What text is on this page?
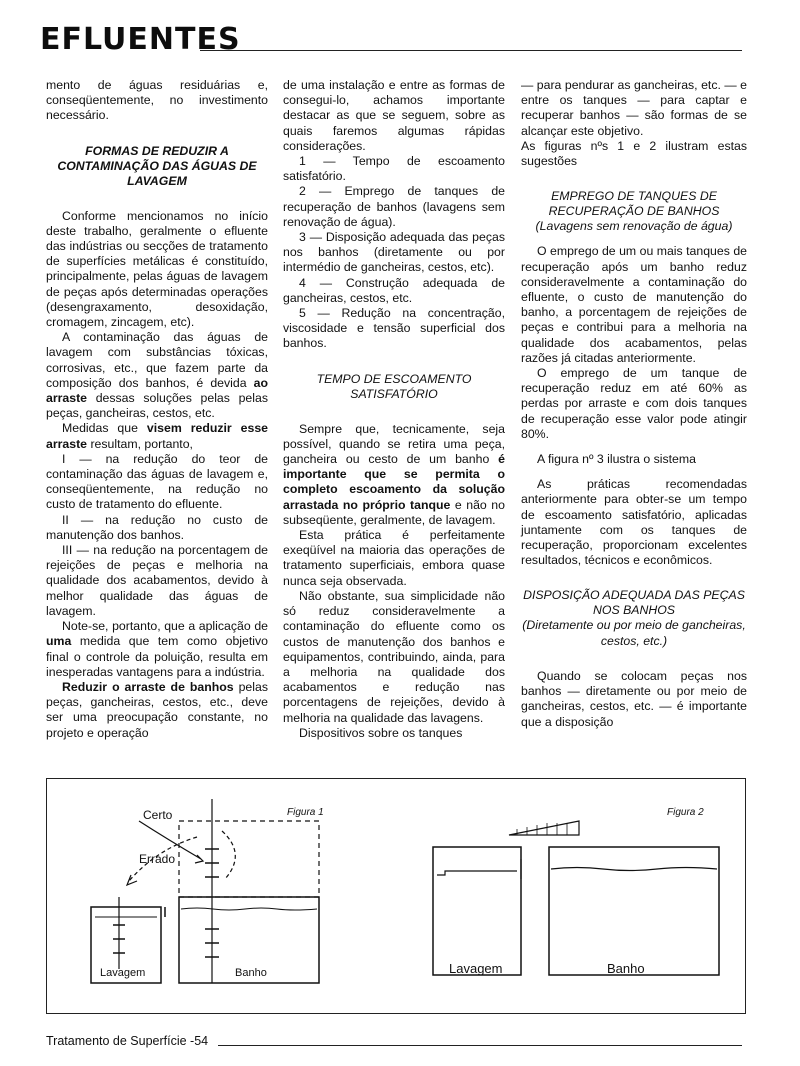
EFLUENTES

mento de águas residuárias e, conseqüentemente, no investimento necessário.

FORMAS DE REDUZIR A CONTAMINAÇÃO DAS ÁGUAS DE LAVAGEM

Conforme mencionamos no início deste trabalho, geralmente o efluente das indústrias ou secções de tratamento de superfícies metálicas é constituído, principalmente, pelas águas de lavagem de peças após determinadas operações (desengraxamento, desoxidação, cromagem, zincagem, etc).

A contaminação das águas de lavagem com substâncias tóxicas, corrosivas, etc., que fazem parte da composição dos banhos, é devida ao arraste dessas soluções pelas pelas peças, gancheiras, cestos, etc.

Medidas que visem reduzir esse arraste resultam, portanto,

I — na redução do teor de contaminação das águas de lavagem e, conseqüentemente, na redução no custo de tratamento do efluente.

II — na redução no custo de manutenção dos banhos.

III — na redução na porcentagem de rejeições de peças e melhoria na qualidade dos acabamentos, devido à melhor qualidade das águas de lavagem.

Note-se, portanto, que a aplicação de uma medida que tem como objetivo final o controle da poluição, resulta em inesperadas vantagens para a indústria.

Reduzir o arraste de banhos pelas peças, gancheiras, cestos, etc., deve ser uma preocupação constante, no projeto e operação

de uma instalação e entre as formas de consegui-lo, achamos importante destacar as que se seguem, sobre as quais faremos algumas rápidas considerações.

1 — Tempo de escoamento satisfatório.

2 — Emprego de tanques de recuperação de banhos (lavagens sem renovação de água).

3 — Disposição adequada das peças nos banhos (diretamente ou por intermédio de gancheiras, cestos, etc).

4 — Construção adequada de gancheiras, cestos, etc.

5 — Redução na concentração, viscosidade e tensão superficial dos banhos.

TEMPO DE ESCOAMENTO SATISFATÓRIO

Sempre que, tecnicamente, seja possível, quando se retira uma peça, gancheira ou cesto de um banho é importante que se permita o completo escoamento da solução arrastada no próprio tanque e não no subseqüente, geralmente, de lavagem.

Esta prática é perfeitamente exeqüível na maioria das operações de tratamento superficiais, embora quase nunca seja observada.

Não obstante, sua simplicidade não só reduz consideravelmente a contaminação do efluente como os custos de manutenção dos banhos e equipamentos, contribuindo, ainda, para a melhoria na qualidade dos acabamentos e redução nas porcentagens de rejeições, devido à melhoria na qualidade das lavagens.

Dispositivos sobre os tanques

— para pendurar as gancheiras, etc. — e entre os tanques — para captar e recuperar banhos — são formas de se alcançar este objetivo.

As figuras nºs 1 e 2 ilustram estas sugestões

EMPREGO DE TANQUES DE RECUPERAÇÃO DE BANHOS

(Lavagens sem renovação de água)

O emprego de um ou mais tanques de recuperação após um banho reduz consideravelmente a contaminação do efluente, o custo de manutenção do banho, a porcentagem de rejeições de peças e contribui para a melhoria na qualidade dos acabamentos, pelas razões já citadas anteriormente.

O emprego de um tanque de recuperação reduz em até 60% as perdas por arraste e com dois tanques de recuperação esse valor pode atingir 80%.

A figura nº 3 ilustra o sistema

As práticas recomendadas anteriormente para obter-se um tempo de escoamento satisfatório, aplicadas juntamente com os tanques de recuperação, proporcionam excelentes resultados, técnicos e econômicos.

DISPOSIÇÃO ADEQUADA DAS PEÇAS NOS BANHOS

(Diretamente ou por meio de gancheiras, cestos, etc.)

Quando se colocam peças nos banhos — diretamente ou por meio de gancheiras, cestos, etc. — é importante que a disposição

Certo
Errado
Lavagem	Banho
Figura 1
Lavagem	Banho
Figura 2
Tratamento de Superfície -54
